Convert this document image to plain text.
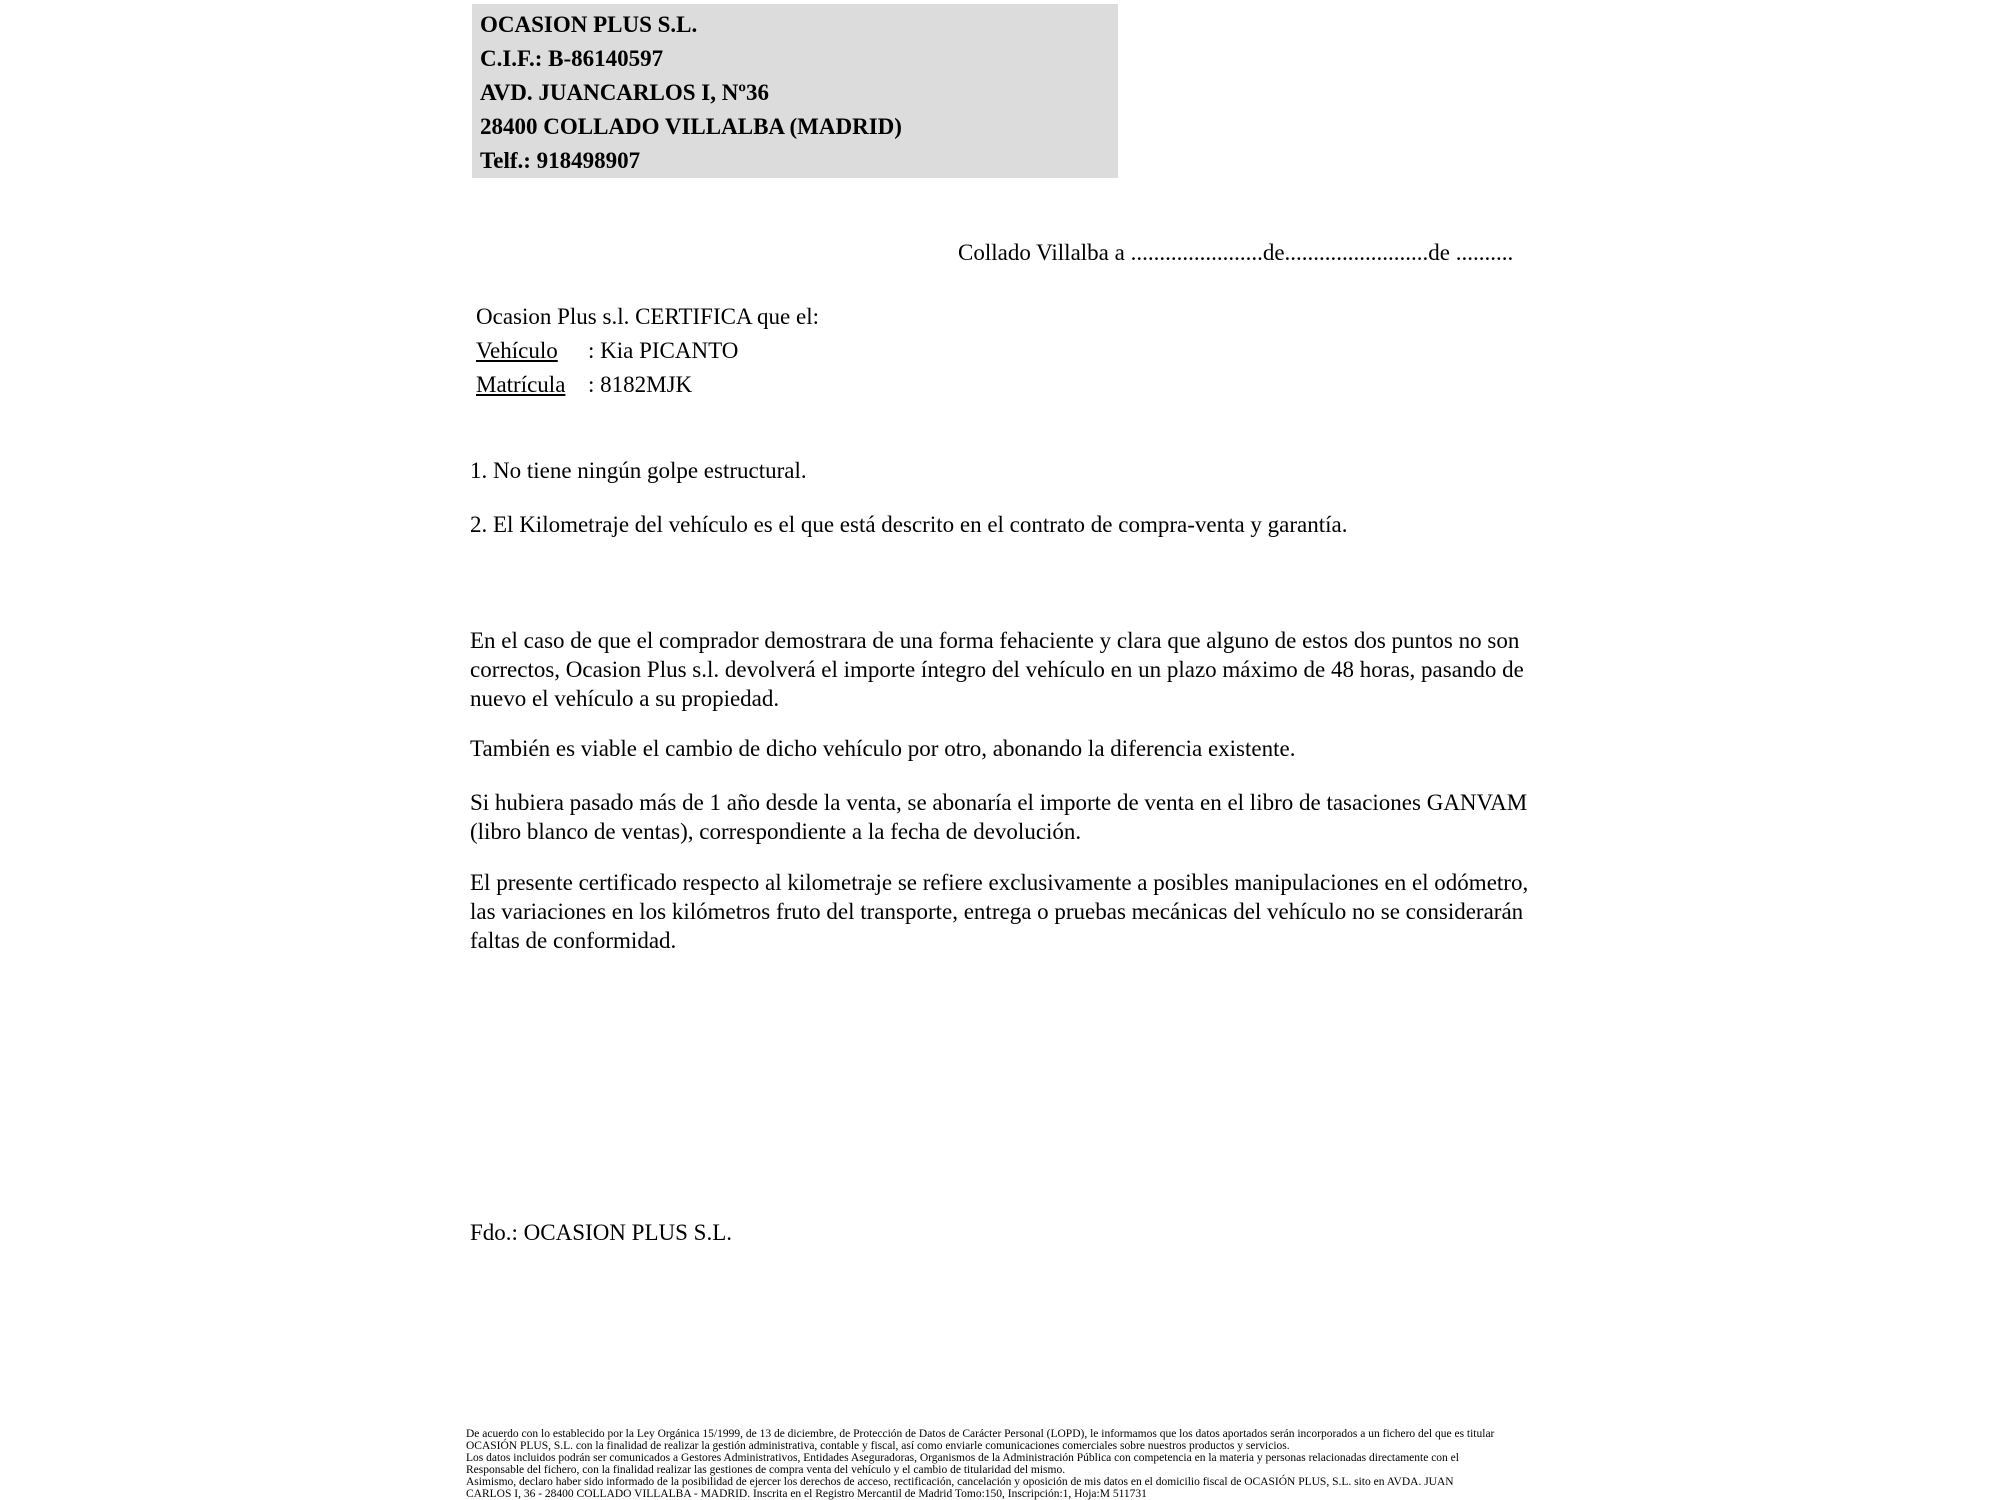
OCASION PLUS S.L.
C.I.F.: B-86140597
AVD. JUANCARLOS I, Nº36
28400 COLLADO VILLALBA (MADRID)
Telf.: 918498907
Collado Villalba a .......................de.........................de ..........
Ocasion Plus s.l. CERTIFICA que el:
Vehículo : Kia PICANTO
Matrícula : 8182MJK
1. No tiene ningún golpe estructural.
2. El Kilometraje del vehículo es el que está descrito en el contrato de compra-venta y garantía.
En el caso de que el comprador demostrara de una forma fehaciente y clara que alguno de estos dos puntos no son correctos, Ocasion Plus s.l. devolverá el importe íntegro del vehículo en un plazo máximo de 48 horas, pasando de nuevo el vehículo a su propiedad.
También es viable el cambio de dicho vehículo por otro, abonando la diferencia existente.
Si hubiera pasado más de 1 año desde la venta, se abonaría el importe de venta en el libro de tasaciones GANVAM (libro blanco de ventas), correspondiente a la fecha de devolución.
El presente certificado respecto al kilometraje se refiere exclusivamente a posibles manipulaciones en el odómetro, las variaciones en los kilómetros fruto del transporte, entrega o pruebas mecánicas del vehículo no se considerarán faltas de conformidad.
Fdo.: OCASION PLUS S.L.
De acuerdo con lo establecido por la Ley Orgánica 15/1999, de 13 de diciembre, de Protección de Datos de Carácter Personal (LOPD), le informamos que los datos aportados serán incorporados a un fichero del que es titular
OCASIÓN PLUS, S.L. con la finalidad de realizar la gestión administrativa, contable y fiscal, así como enviarle comunicaciones comerciales sobre nuestros productos y servicios.
Los datos incluidos podrán ser comunicados a Gestores Administrativos, Entidades Aseguradoras, Organismos de la Administración Pública con competencia en la materia y personas relacionadas directamente con el
Responsable del fichero, con la finalidad realizar las gestiones de compra venta del vehículo y el cambio de titularidad del mismo.
Asimismo, declaro haber sido informado de la posibilidad de ejercer los derechos de acceso, rectificación, cancelación y oposición de mis datos en el domicilio fiscal de OCASIÓN PLUS, S.L. sito en AVDA. JUAN
CARLOS I, 36 - 28400 COLLADO VILLALBA - MADRID. Inscrita en el Registro Mercantil de Madrid Tomo:150, Inscripción:1, Hoja:M 511731
